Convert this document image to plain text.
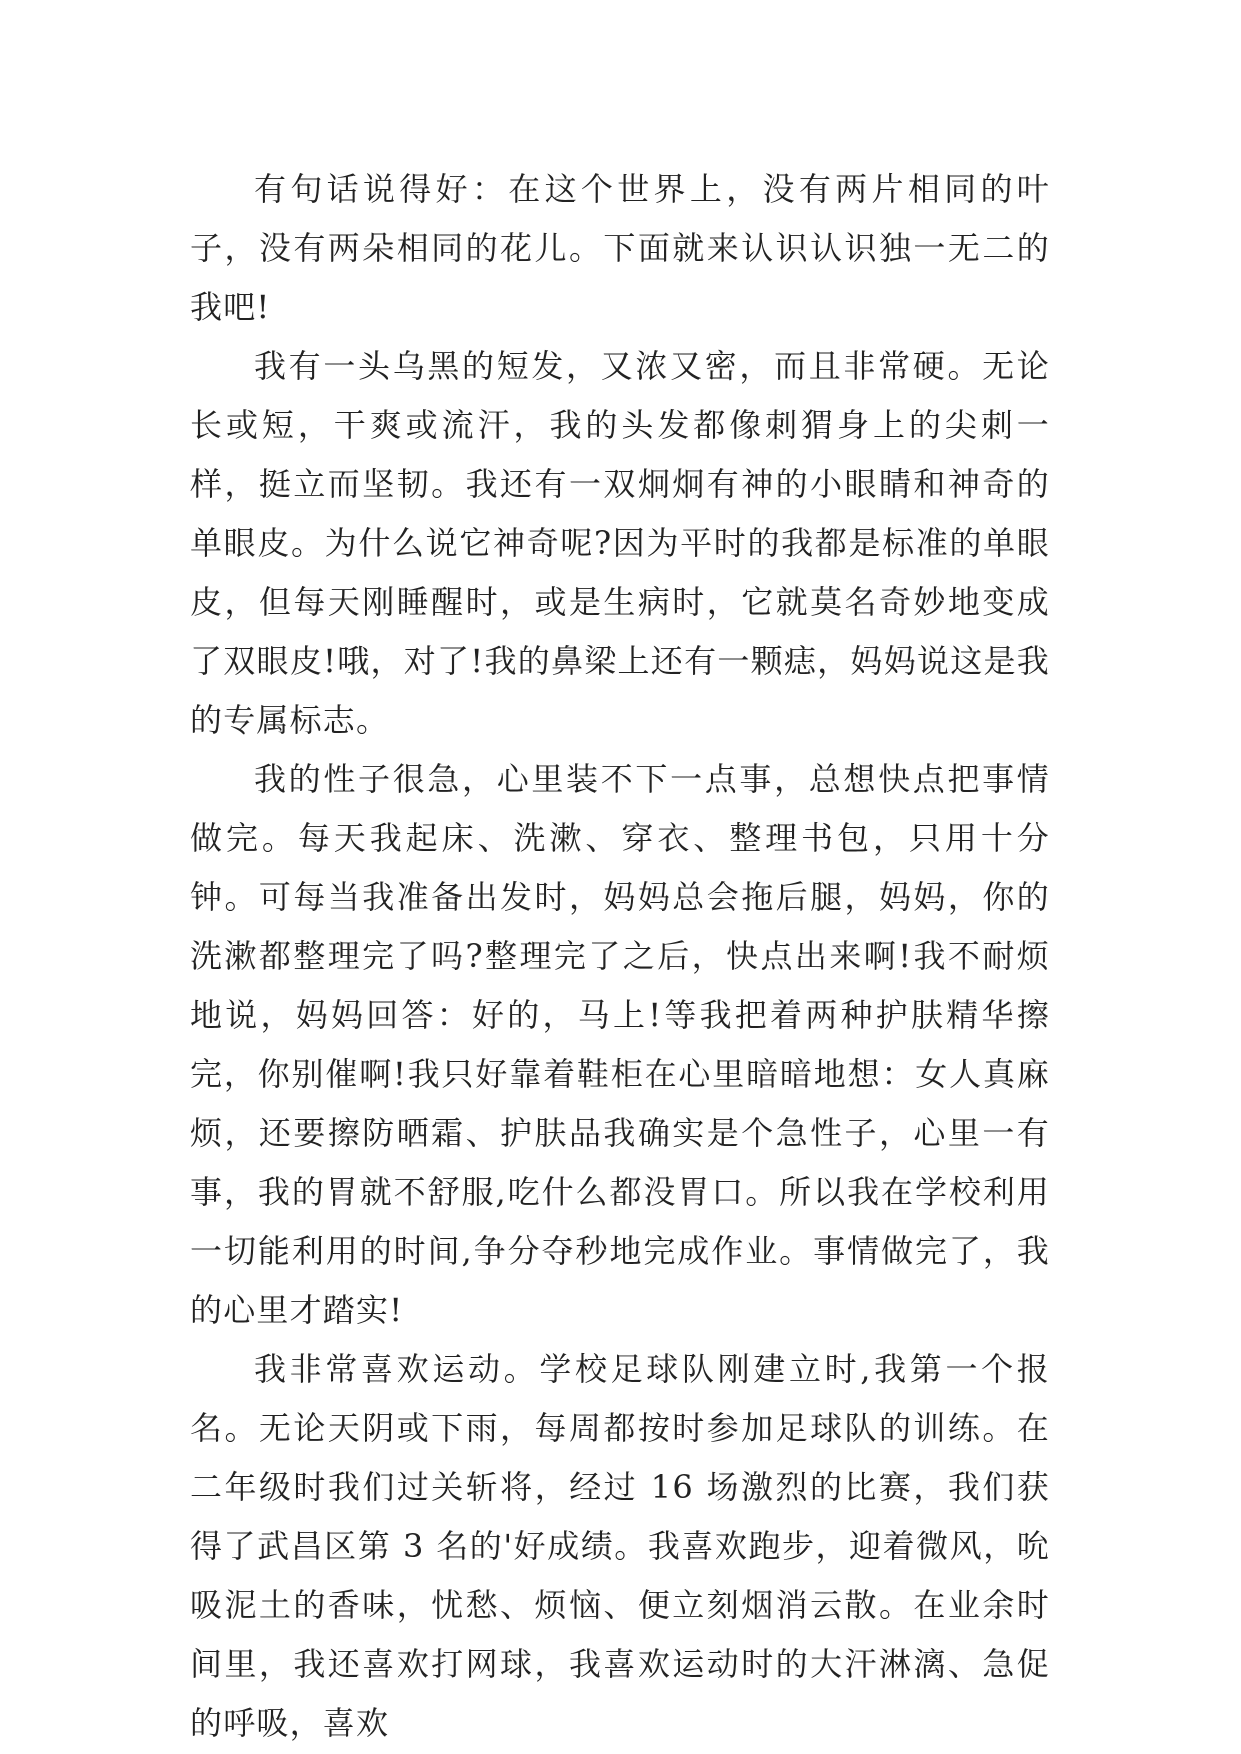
有句话说得好：在这个世界上，没有两片相同的叶子，没有两朵相同的花儿。下面就来认识认识独一无二的我吧!

我有一头乌黑的短发，又浓又密，而且非常硬。无论长或短，干爽或流汗，我的头发都像刺猬身上的尖刺一样，挺立而坚韧。我还有一双炯炯有神的小眼睛和神奇的单眼皮。为什么说它神奇呢?因为平时的我都是标准的单眼皮，但每天刚睡醒时，或是生病时，它就莫名奇妙地变成了双眼皮!哦，对了!我的鼻梁上还有一颗痣，妈妈说这是我的专属标志。

我的性子很急，心里装不下一点事，总想快点把事情做完。每天我起床、洗漱、穿衣、整理书包，只用十分钟。可每当我准备出发时，妈妈总会拖后腿，妈妈，你的洗漱都整理完了吗?整理完了之后，快点出来啊!我不耐烦地说，妈妈回答：好的，马上!等我把着两种护肤精华擦完，你别催啊!我只好靠着鞋柜在心里暗暗地想：女人真麻烦，还要擦防晒霜、护肤品我确实是个急性子，心里一有事，我的胃就不舒服,吃什么都没胃口。所以我在学校利用一切能利用的时间,争分夺秒地完成作业。事情做完了，我的心里才踏实!

我非常喜欢运动。学校足球队刚建立时,我第一个报名。无论天阴或下雨，每周都按时参加足球队的训练。在二年级时我们过关斩将，经过 16 场激烈的比赛，我们获得了武昌区第 3 名的'好成绩。我喜欢跑步，迎着微风，吮吸泥土的香味，忧愁、烦恼、便立刻烟消云散。在业余时间里，我还喜欢打网球，我喜欢运动时的大汗淋漓、急促的呼吸，喜欢
